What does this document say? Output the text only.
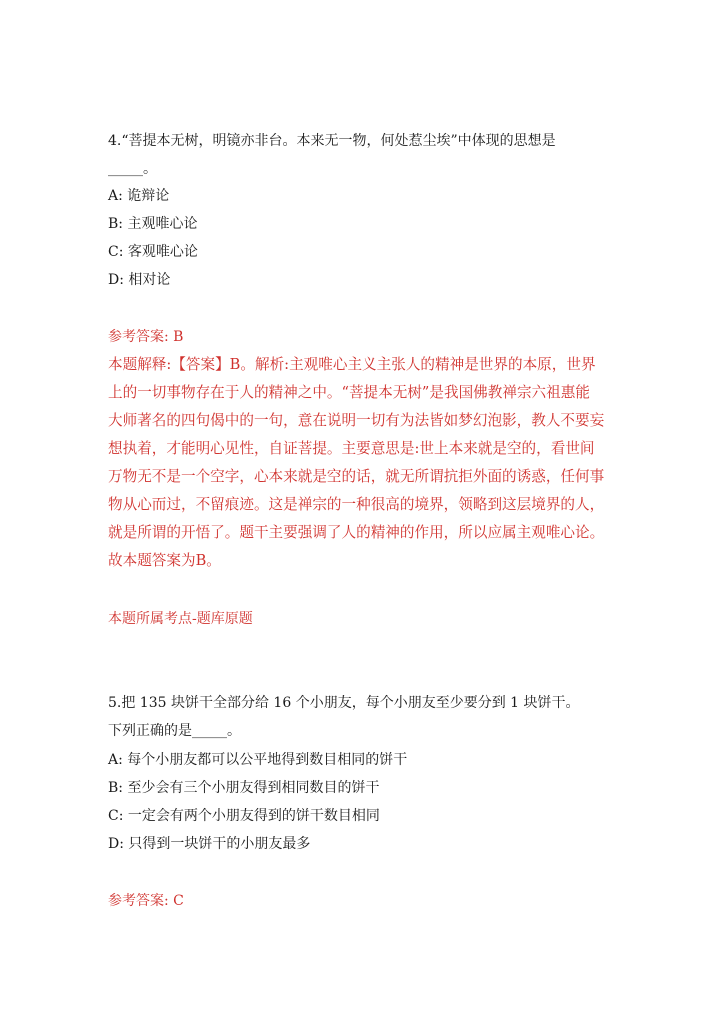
4.“菩提本无树，明镜亦非台。本来无一物，何处惹尘埃”中体现的思想是
_____。
A: 诡辩论
B: 主观唯心论
C: 客观唯心论
D: 相对论
参考答案: B
本题解释:【答案】B。解析:主观唯心主义主张人的精神是世界的本原，世界
上的一切事物存在于人的精神之中。“菩提本无树”是我国佛教禅宗六祖惠能
大师著名的四句偈中的一句，意在说明一切有为法皆如梦幻泡影，教人不要妄
想执着，才能明心见性，自证菩提。主要意思是:世上本来就是空的，看世间
万物无不是一个空字，心本来就是空的话，就无所谓抗拒外面的诱惑，任何事
物从心而过，不留痕迹。这是禅宗的一种很高的境界，领略到这层境界的人，
就是所谓的开悟了。题干主要强调了人的精神的作用，所以应属主观唯心论。
故本题答案为B。
本题所属考点-题库原题
5.把 135 块饼干全部分给 16 个小朋友，每个小朋友至少要分到 1 块饼干。
下列正确的是_____。
A: 每个小朋友都可以公平地得到数目相同的饼干
B: 至少会有三个小朋友得到相同数目的饼干
C: 一定会有两个小朋友得到的饼干数目相同
D: 只得到一块饼干的小朋友最多
参考答案: C
